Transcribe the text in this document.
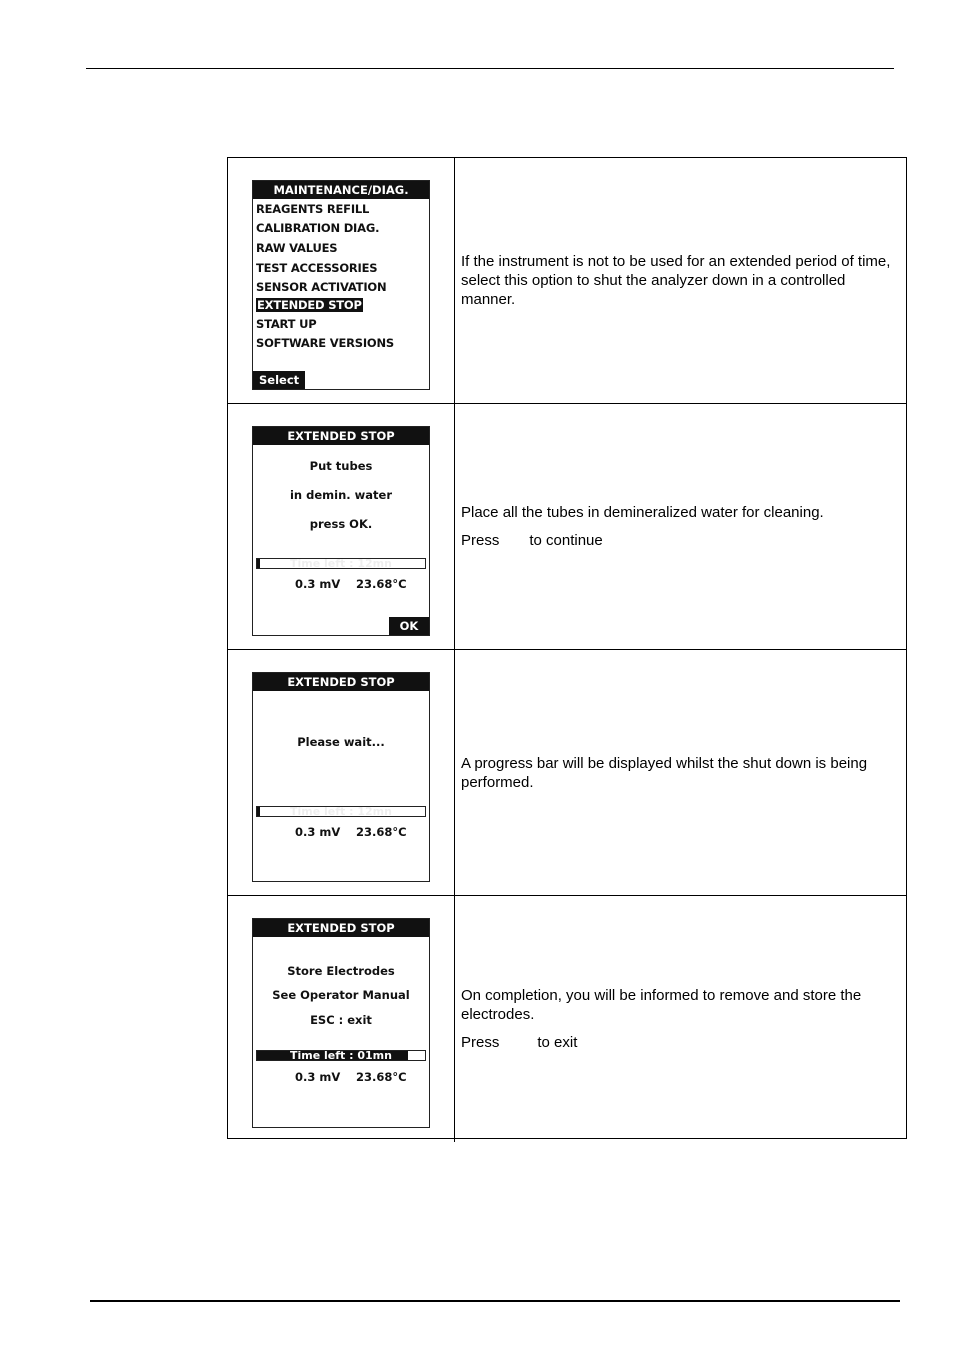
MAINTENANCE/DIAG.
REAGENTS REFILL
CALIBRATION DIAG.
RAW VALUES
TEST ACCESSORIES
SENSOR ACTIVATION
EXTENDED STOP
START UP
SOFTWARE VERSIONS
Select

If the instrument is not to be used for an extended period of time, select this option to shut the analyzer down in a controlled manner.

EXTENDED STOP
Put tubes
in demin. water
press OK.
Time left : 12mn
0.3 mV 23.68°C
OK

Place all the tubes in demineralized water for cleaning.

Press to continue

EXTENDED STOP
Please wait...
Time left : 12mn
0.3 mV 23.68°C

A progress bar will be displayed whilst the shut down is being performed.

EXTENDED STOP
Store Electrodes
See Operator Manual
ESC : exit
Time left : 01mn
0.3 mV 23.68°C

On completion, you will be informed to remove and store the electrodes.

Press	to exit
